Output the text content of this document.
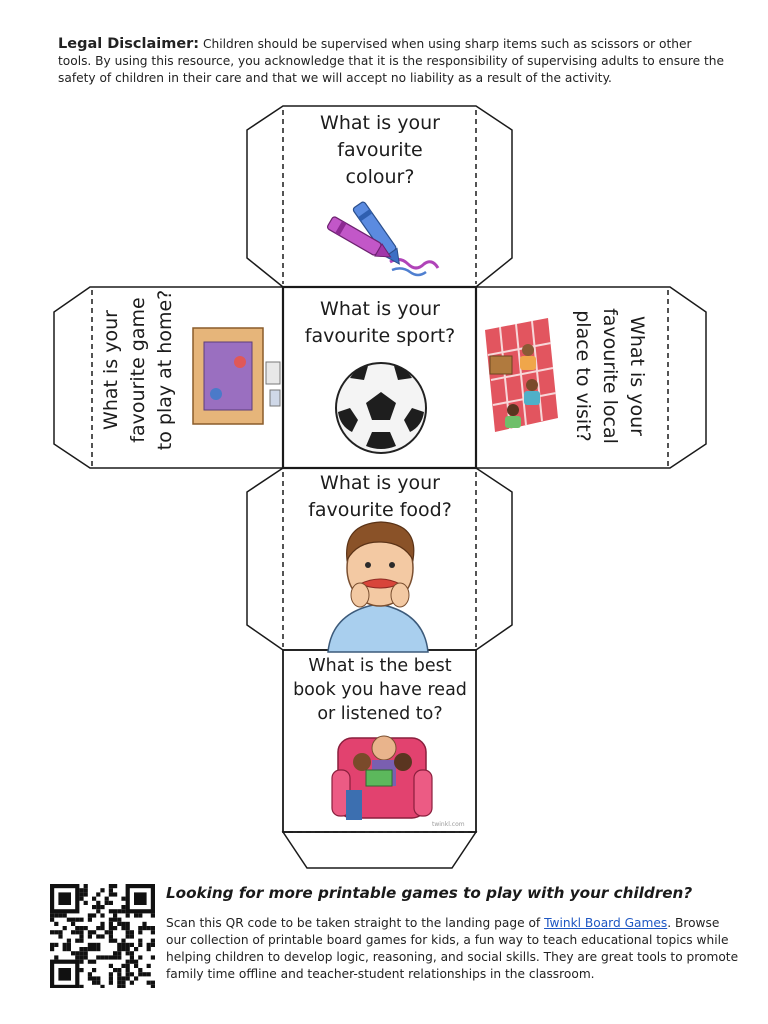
Legal Disclaimer: Children should be supervised when using sharp items such as scissors or other tools. By using this resource, you acknowledge that it is the responsibility of supervising adults to ensure the safety of children in their care and that we will accept no liability as a result of the activity.
twinkl.com
What is your favourite colour?
What is your favourite sport?
What is your favourite game to play at home?	What is your favourite local place to visit?
What is your favourite food?
What is the best book you have read or listened to?
Looking for more printable games to play with your children?
Scan this QR code to be taken straight to the landing page of Twinkl Board Games. Browse our collection of printable board games for kids, a fun way to teach educational topics while helping children to develop logic, reasoning, and social skills. They are great tools to promote family time offline and teacher-student relationships in the classroom.
